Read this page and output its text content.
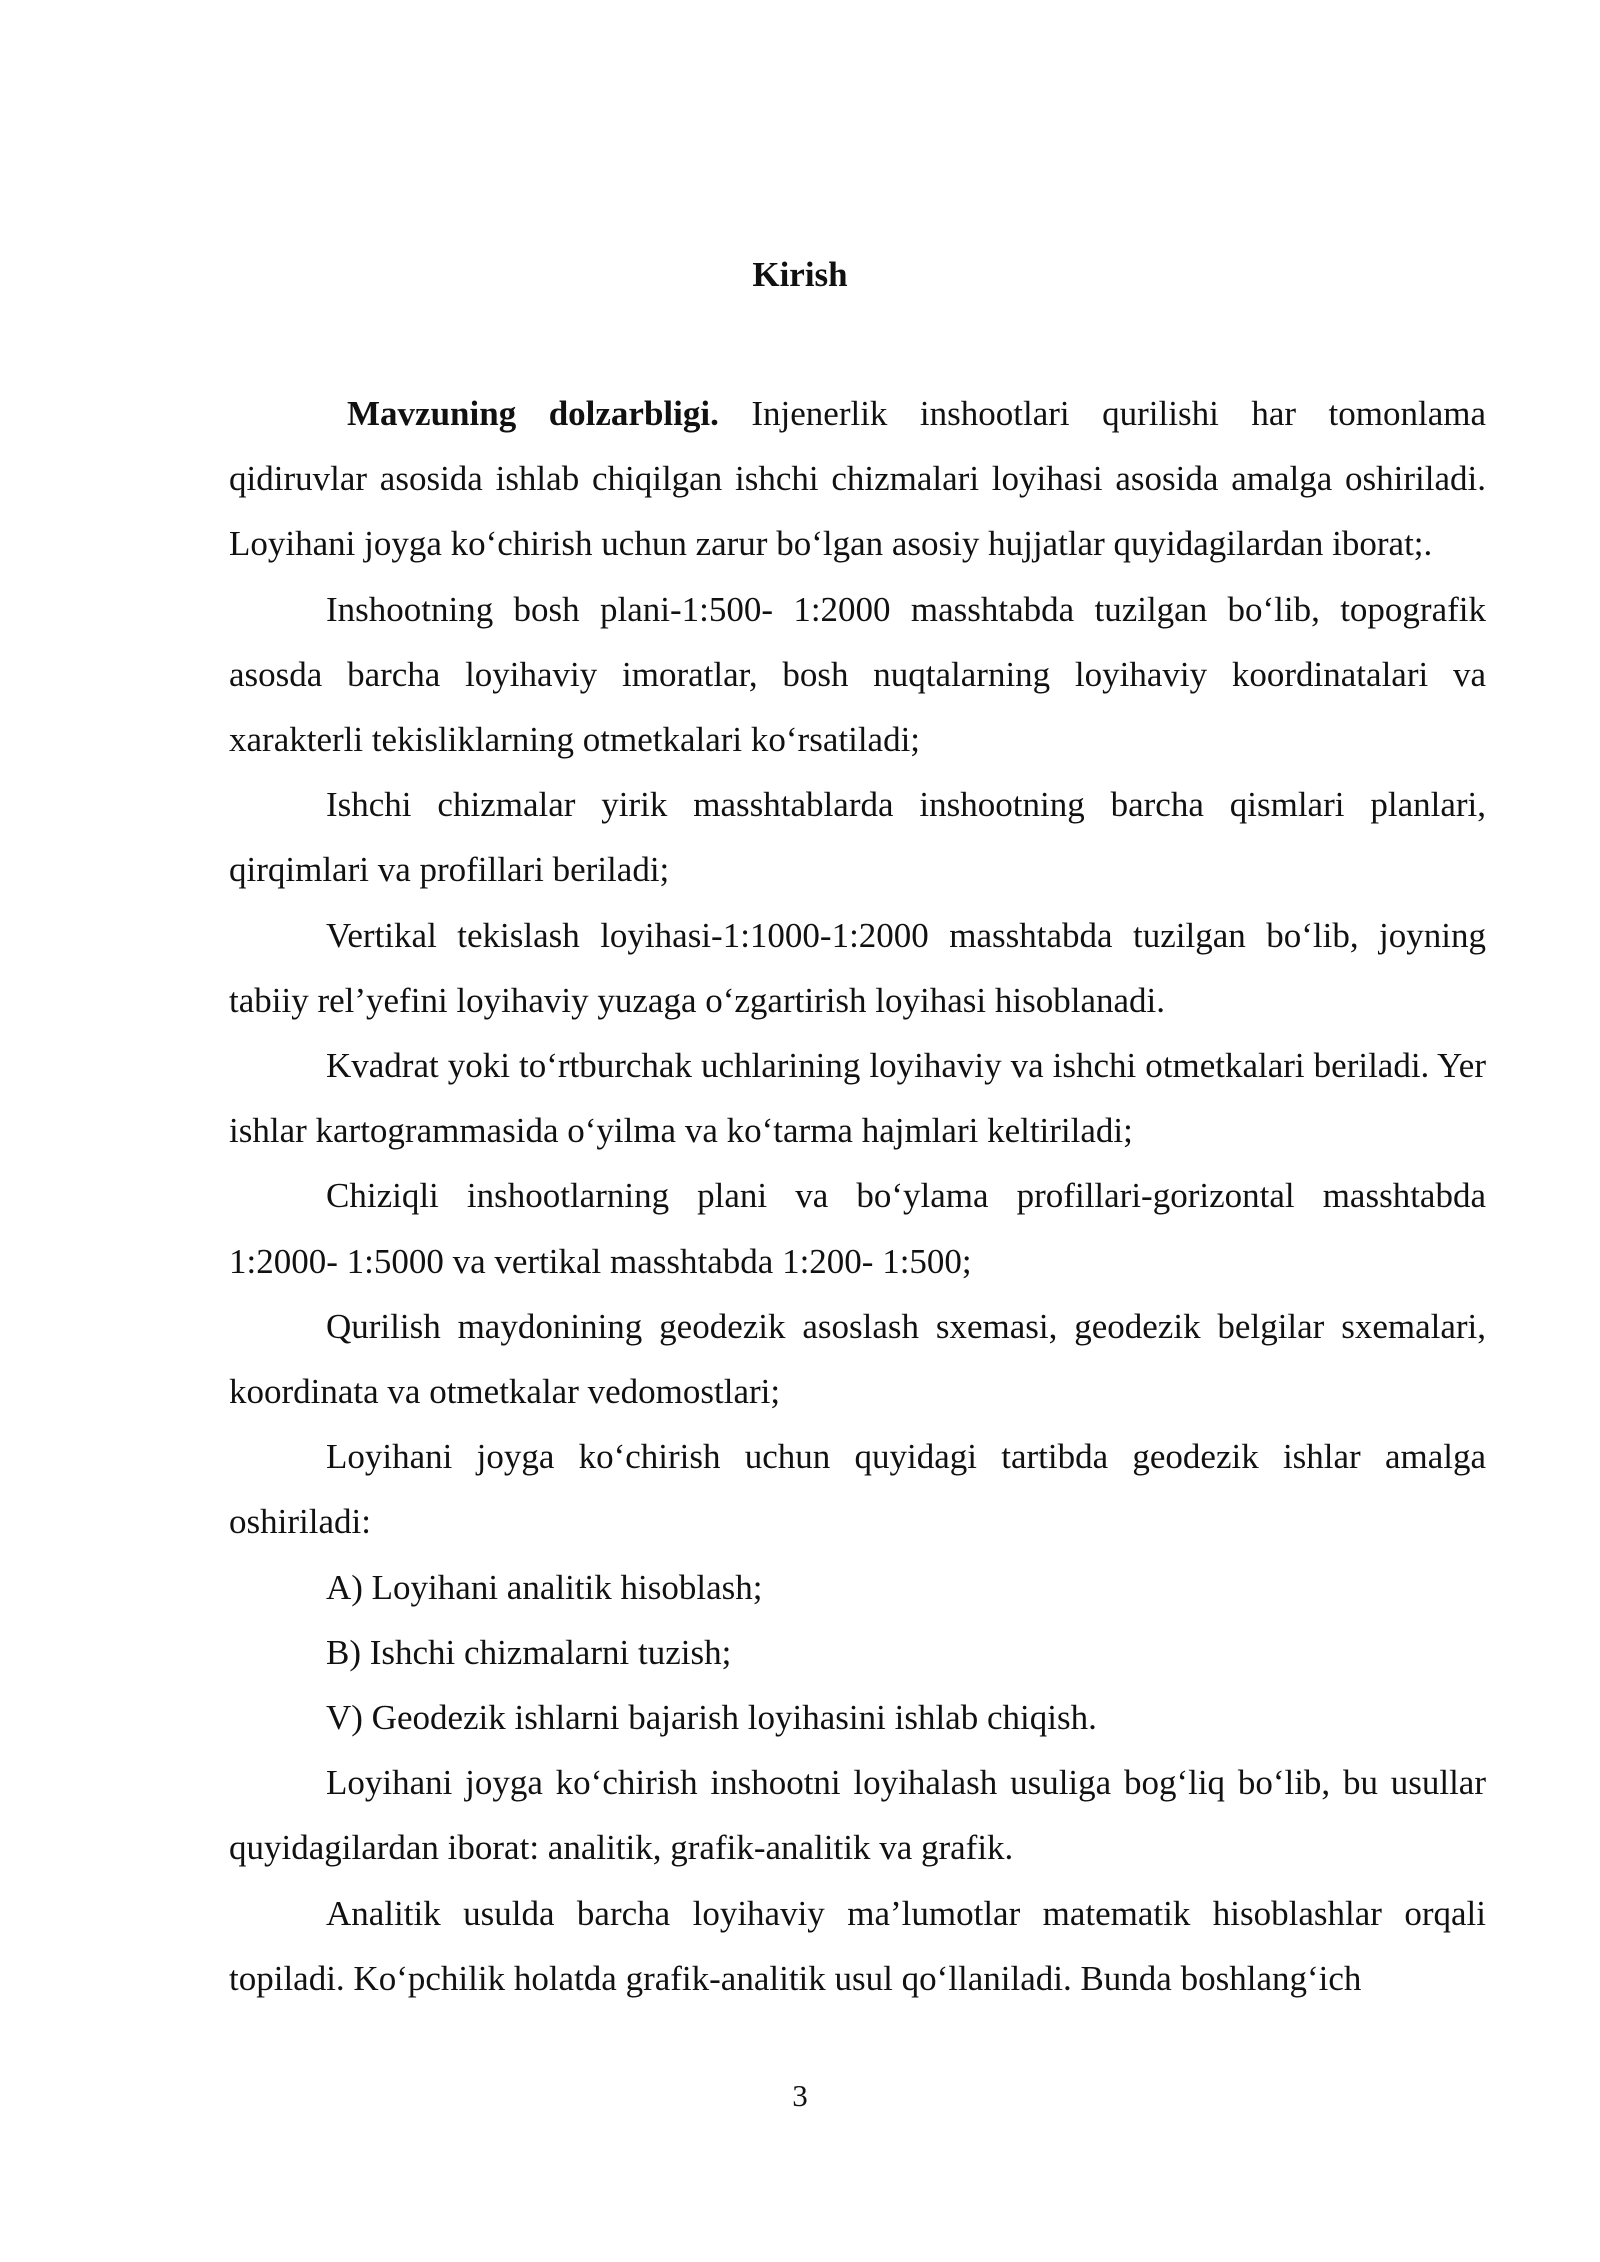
Kirish

Mavzuning dolzarbligi. Injenerlik inshootlari qurilishi har tomonlama qidiruvlar asosida ishlab chiqilgan ishchi chizmalari loyihasi asosida amalga oshiriladi. Loyihani joyga ko‘chirish uchun zarur bo‘lgan asosiy hujjatlar quyidagilardan iborat;.

Inshootning bosh plani-1:500- 1:2000 masshtabda tuzilgan bo‘lib, topografik asosda barcha loyihaviy imoratlar, bosh nuqtalarning loyihaviy koordinatalari va xarakterli tekisliklarning otmetkalari ko‘rsatiladi;

Ishchi chizmalar yirik masshtablarda inshootning barcha qismlari planlari, qirqimlari va profillari beriladi;

Vertikal tekislash loyihasi-1:1000-1:2000 masshtabda tuzilgan bo‘lib, joyning tabiiy rel’yefini loyihaviy yuzaga o‘zgartirish loyihasi hisoblanadi.

Kvadrat yoki to‘rtburchak uchlarining loyihaviy va ishchi otmetkalari beriladi. Yer ishlar kartogrammasida o‘yilma va ko‘tarma hajmlari keltiriladi;

Chiziqli inshootlarning plani va bo‘ylama profillari-gorizontal masshtabda 1:2000- 1:5000 va vertikal masshtabda 1:200- 1:500;

Qurilish maydonining geodezik asoslash sxemasi, geodezik belgilar sxemalari, koordinata va otmetkalar vedomostlari;

Loyihani joyga ko‘chirish uchun quyidagi tartibda geodezik ishlar amalga oshiriladi:

A) Loyihani analitik hisoblash;

B) Ishchi chizmalarni tuzish;

V) Geodezik ishlarni bajarish loyihasini ishlab chiqish.

Loyihani joyga ko‘chirish inshootni loyihalash usuliga bog‘liq bo‘lib, bu usullar quyidagilardan iborat: analitik, grafik-analitik va grafik.

Analitik usulda barcha loyihaviy ma’lumotlar matematik hisoblashlar orqali topiladi. Ko‘pchilik holatda grafik-analitik usul qo‘llaniladi. Bunda boshlang‘ich

3
